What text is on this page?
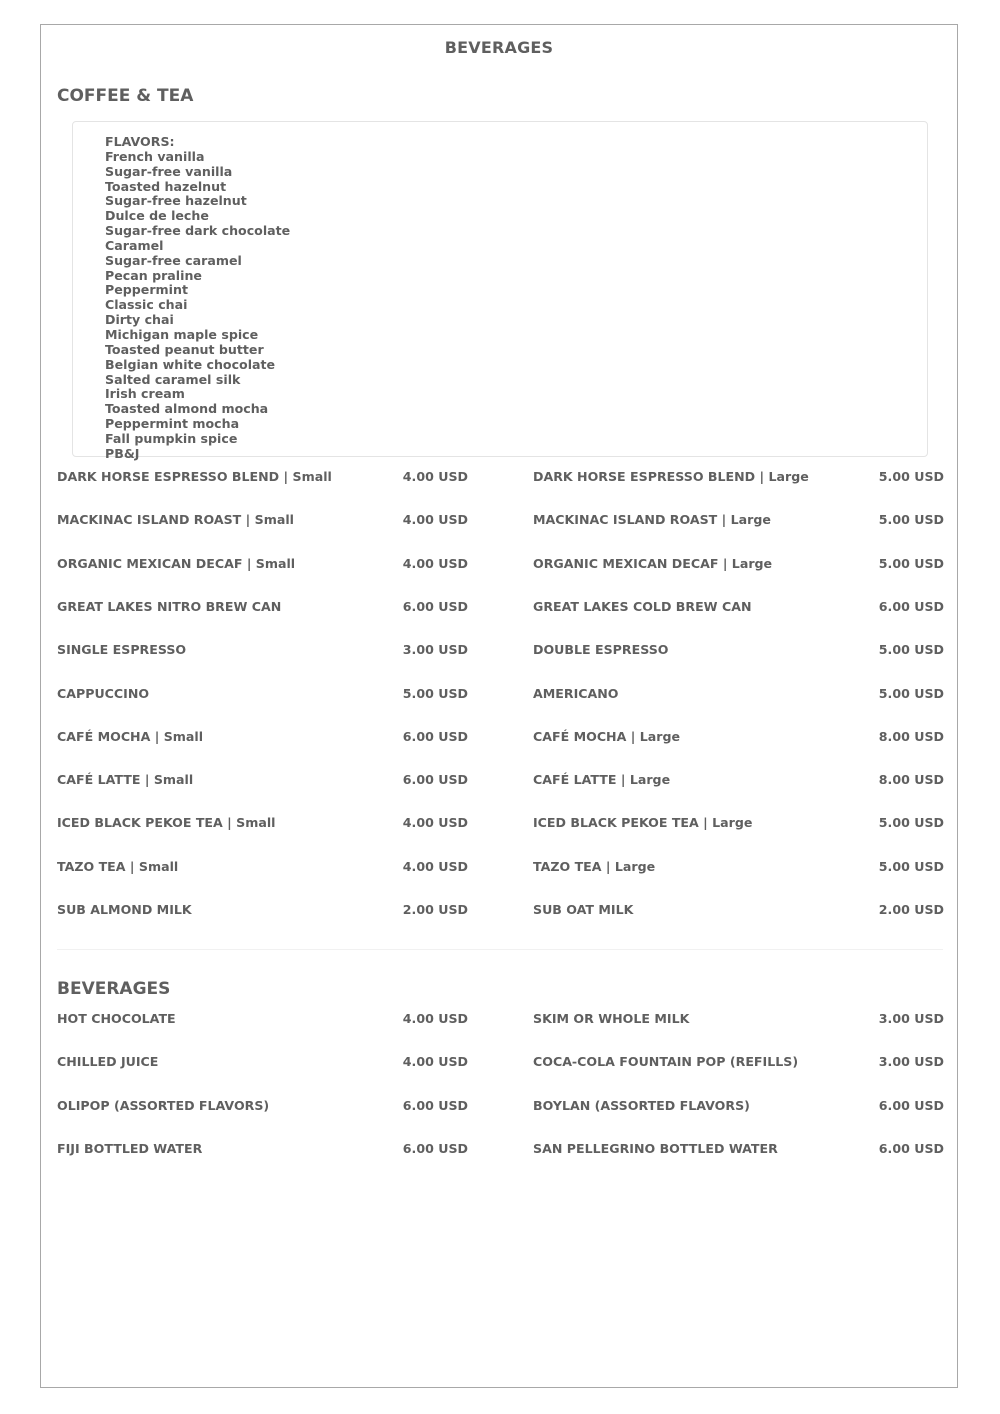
BEVERAGES
COFFEE & TEA
FLAVORS:
French vanilla
Sugar-free vanilla
Toasted hazelnut
Sugar-free hazelnut
Dulce de leche
Sugar-free dark chocolate
Caramel
Sugar-free caramel
Pecan praline
Peppermint
Classic chai
Dirty chai
Michigan maple spice
Toasted peanut butter
Belgian white chocolate
Salted caramel silk
Irish cream
Toasted almond mocha
Peppermint mocha
Fall pumpkin spice
PB&J
DARK HORSE ESPRESSO BLEND | Small	4.00 USD	DARK HORSE ESPRESSO BLEND | Large	5.00 USD
MACKINAC ISLAND ROAST | Small	4.00 USD	MACKINAC ISLAND ROAST | Large	5.00 USD
ORGANIC MEXICAN DECAF | Small	4.00 USD	ORGANIC MEXICAN DECAF | Large	5.00 USD
GREAT LAKES NITRO BREW CAN	6.00 USD	GREAT LAKES COLD BREW CAN	6.00 USD
SINGLE ESPRESSO	3.00 USD	DOUBLE ESPRESSO	5.00 USD
CAPPUCCINO	5.00 USD	AMERICANO	5.00 USD
CAFÉ MOCHA | Small	6.00 USD	CAFÉ MOCHA | Large	8.00 USD
CAFÉ LATTE | Small	6.00 USD	CAFÉ LATTE | Large	8.00 USD
ICED BLACK PEKOE TEA | Small	4.00 USD	ICED BLACK PEKOE TEA | Large	5.00 USD
TAZO TEA | Small	4.00 USD	TAZO TEA | Large	5.00 USD
SUB ALMOND MILK	2.00 USD	SUB OAT MILK	2.00 USD
BEVERAGES
HOT CHOCOLATE	4.00 USD	SKIM OR WHOLE MILK	3.00 USD
CHILLED JUICE	4.00 USD	COCA-COLA FOUNTAIN POP (REFILLS)	3.00 USD
OLIPOP (ASSORTED FLAVORS)	6.00 USD	BOYLAN (ASSORTED FLAVORS)	6.00 USD
FIJI BOTTLED WATER	6.00 USD	SAN PELLEGRINO BOTTLED WATER	6.00 USD
